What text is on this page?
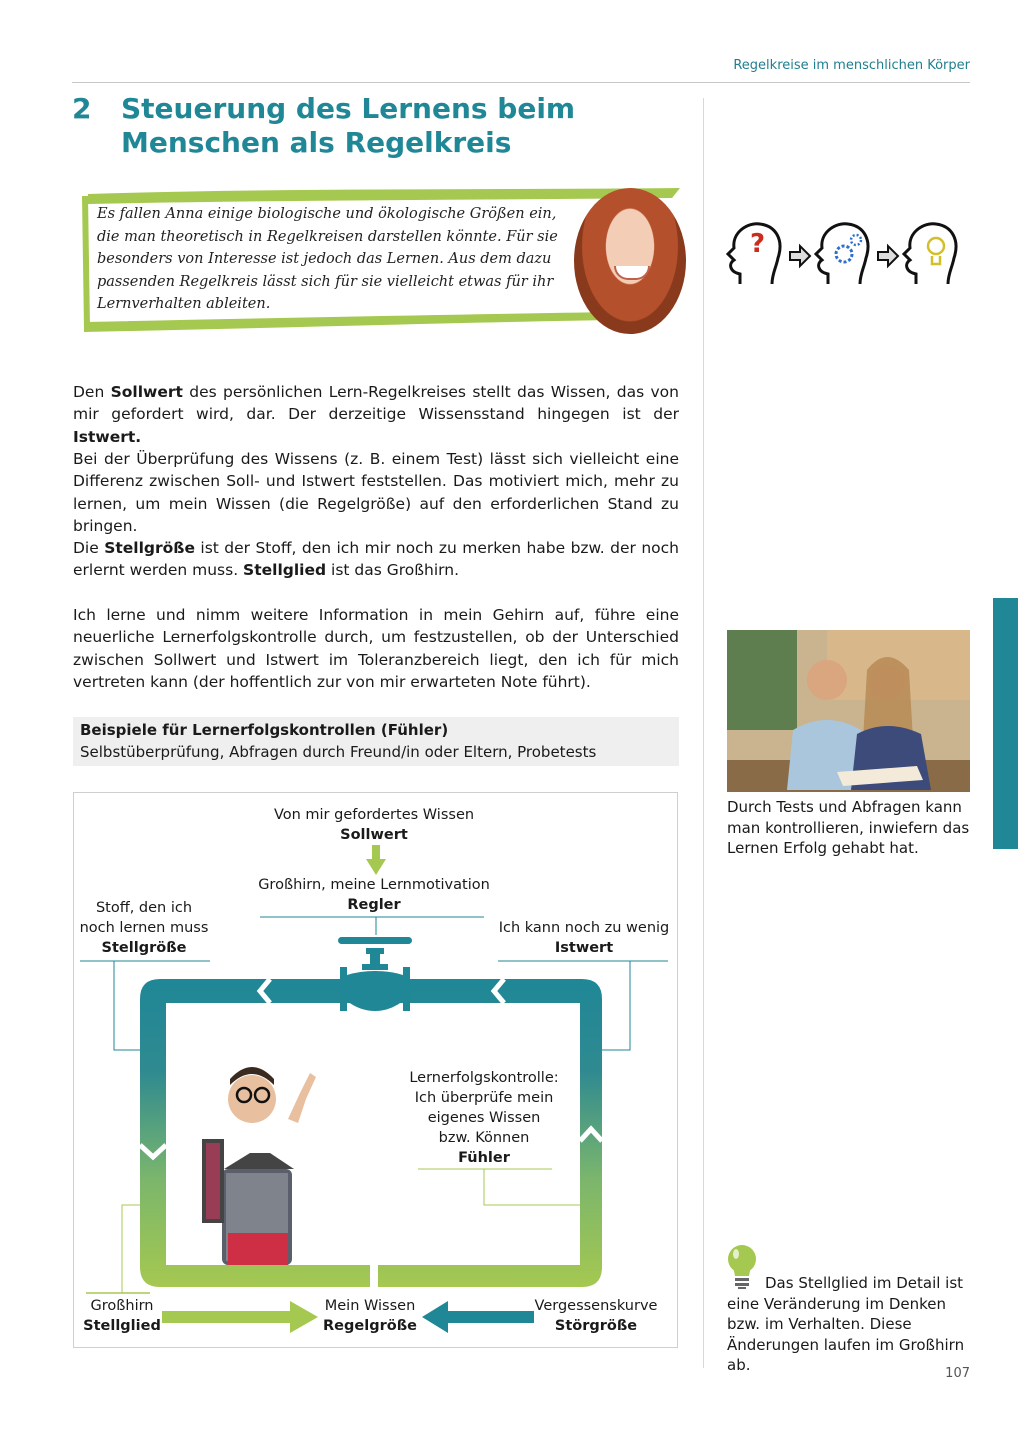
Regelkreise im menschlichen Körper
2 Steuerung des Lernens beim Menschen als Regelkreis
Es fallen Anna einige biologische und ökologische Größen ein, die man theoretisch in Regelkreisen darstellen könnte. Für sie besonders von Interesse ist jedoch das Lernen. Aus dem dazu passenden Regelkreis lässt sich für sie vielleicht etwas für ihr Lernverhalten ableiten.
?
Den Sollwert des persönlichen Lern-Regelkreises stellt das Wissen, das von mir gefordert wird, dar. Der derzeitige Wissensstand hingegen ist der Istwert.
Bei der Überprüfung des Wissens (z. B. einem Test) lässt sich vielleicht eine Differenz zwischen Soll- und Istwert feststellen. Das motiviert mich, mehr zu lernen, um mein Wissen (die Regelgröße) auf den erforderlichen Stand zu bringen.
Die Stellgröße ist der Stoff, den ich mir noch zu merken habe bzw. der noch erlernt werden muss. Stellglied ist das Großhirn.
Ich lerne und nimm weitere Information in mein Gehirn auf, führe eine neuerliche Lernerfolgskontrolle durch, um festzustellen, ob der Unterschied zwischen Sollwert und Istwert im Toleranzbereich liegt, den ich für mich vertreten kann (der hoffentlich zur von mir erwarteten Note führt).
Beispiele für Lernerfolgskontrollen (Fühler)
Selbstüberprüfung, Abfragen durch Freund/in oder Eltern, Probetests
Von mir gefordertes Wissen
Sollwert
Großhirn, meine Lernmotivation
Regler
Stoff, den ich
noch lernen muss
Stellgröße
Ich kann noch zu wenig
Istwert
Lernerfolgskontrolle:
Ich überprüfe mein
eigenes Wissen
bzw. Können
Fühler
Großhirn
Stellglied
Mein Wissen
Regelgröße
Vergessenskurve
Störgröße
Durch Tests und Abfragen kann man kontrollieren, inwiefern das Lernen Erfolg gehabt hat.
Das Stellglied im Detail ist eine Veränderung im Denken bzw. im Verhalten. Diese Änderungen laufen im Großhirn ab.	107
